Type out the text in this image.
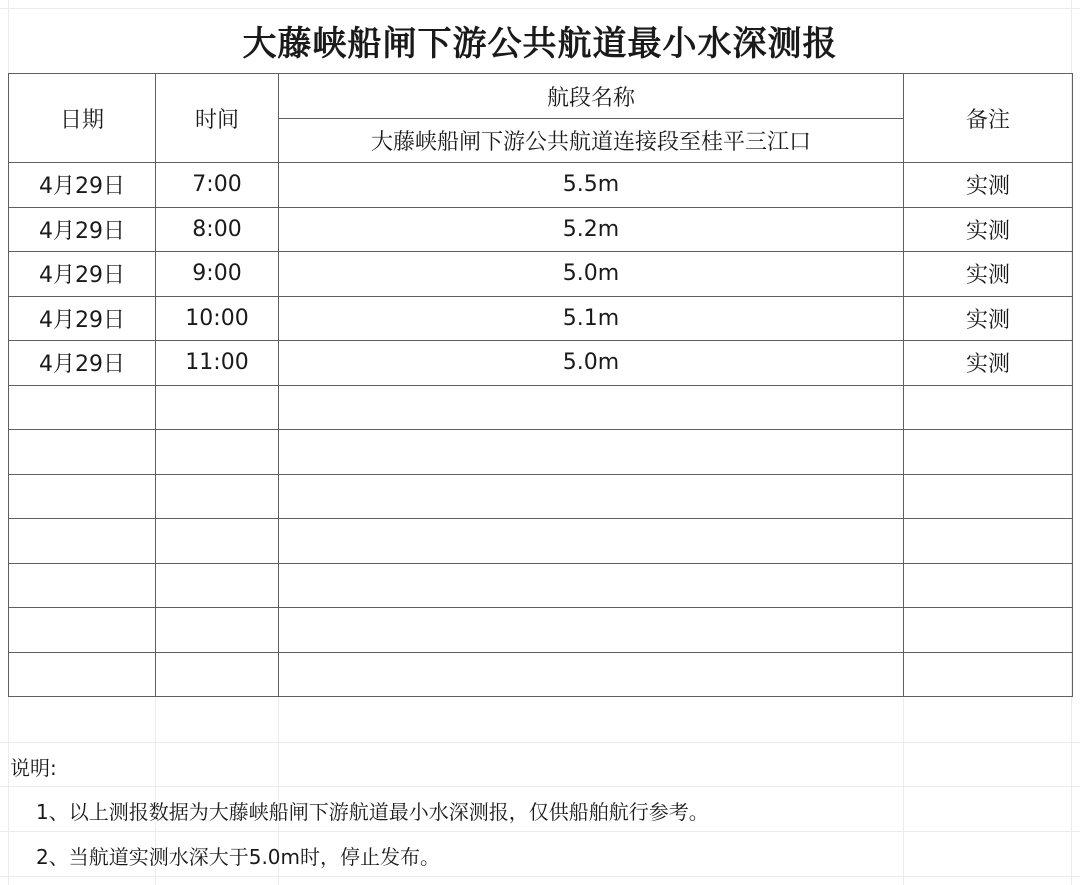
大藤峡船闸下游公共航道最小水深测报
日期	时间	航段名称	备注
		大藤峡船闸下游公共航道连接段至桂平三江口	
4月29日	7:00	5.5m	实测
4月29日	8:00	5.2m	实测
4月29日	9:00	5.0m	实测
4月29日	10:00	5.1m	实测
4月29日	11:00	5.0m	实测

说明:
1、以上测报数据为大藤峡船闸下游航道最小水深测报，仅供船舶航行参考。
2、当航道实测水深大于5.0m时，停止发布。
